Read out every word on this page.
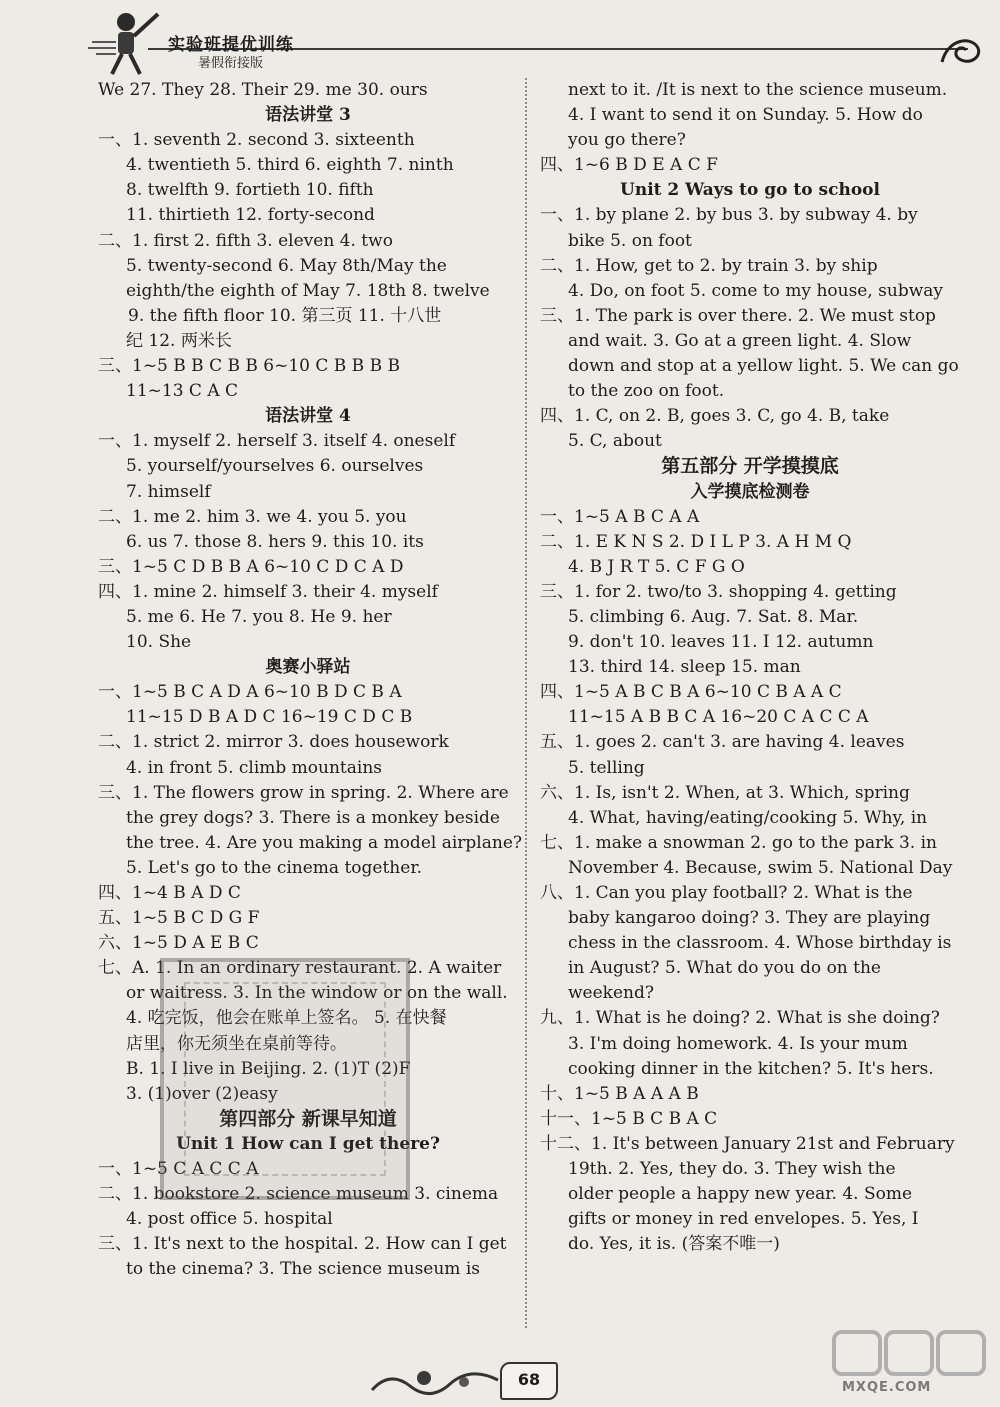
实验班提优训练
暑假衔接版
We 27. They 28. Their 29. me 30. ours
语法讲堂 3
一、1. seventh 2. second 3. sixteenth
4. twentieth 5. third 6. eighth 7. ninth
8. twelfth 9. fortieth 10. fifth
11. thirtieth 12. forty-second
二、1. first 2. fifth 3. eleven 4. two
5. twenty-second 6. May 8th/May the
eighth/the eighth of May 7. 18th 8. twelve
9. the fifth floor 10. 第三页 11. 十八世
纪 12. 两米长
三、1~5 B B C B B 6~10 C B B B B
11~13 C A C
语法讲堂 4
一、1. myself 2. herself 3. itself 4. oneself
5. yourself/yourselves 6. ourselves
7. himself
二、1. me 2. him 3. we 4. you 5. you
6. us 7. those 8. hers 9. this 10. its
三、1~5 C D B B A 6~10 C D C A D
四、1. mine 2. himself 3. their 4. myself
5. me 6. He 7. you 8. He 9. her
10. She
奥赛小驿站
一、1~5 B C A D A 6~10 B D C B A
11~15 D B A D C 16~19 C D C B
二、1. strict 2. mirror 3. does housework
4. in front 5. climb mountains
三、1. The flowers grow in spring. 2. Where are
the grey dogs? 3. There is a monkey beside
the tree. 4. Are you making a model airplane?
5. Let's go to the cinema together.
四、1~4 B A D C
五、1~5 B C D G F
六、1~5 D A E B C
七、A. 1. In an ordinary restaurant. 2. A waiter
or waitress. 3. In the window or on the wall.
4. 吃完饭，他会在账单上签名。 5. 在快餐
店里，你无须坐在桌前等待。
B. 1. I live in Beijing. 2. (1)T (2)F
3. (1)over (2)easy
第四部分 新课早知道
Unit 1 How can I get there?
一、1~5 C A C C A
二、1. bookstore 2. science museum 3. cinema
4. post office 5. hospital
三、1. It's next to the hospital. 2. How can I get
to the cinema? 3. The science museum is
next to it. /It is next to the science museum.
4. I want to send it on Sunday. 5. How do
you go there?
四、1~6 B D E A C F
Unit 2 Ways to go to school
一、1. by plane 2. by bus 3. by subway 4. by
bike 5. on foot
二、1. How, get to 2. by train 3. by ship
4. Do, on foot 5. come to my house, subway
三、1. The park is over there. 2. We must stop
and wait. 3. Go at a green light. 4. Slow
down and stop at a yellow light. 5. We can go
to the zoo on foot.
四、1. C, on 2. B, goes 3. C, go 4. B, take
5. C, about
第五部分 开学摸摸底
入学摸底检测卷
一、1~5 A B C A A
二、1. E K N S 2. D I L P 3. A H M Q
4. B J R T 5. C F G O
三、1. for 2. two/to 3. shopping 4. getting
5. climbing 6. Aug. 7. Sat. 8. Mar.
9. don't 10. leaves 11. I 12. autumn
13. third 14. sleep 15. man
四、1~5 A B C B A 6~10 C B A A C
11~15 A B B C A 16~20 C A C C A
五、1. goes 2. can't 3. are having 4. leaves
5. telling
六、1. Is, isn't 2. When, at 3. Which, spring
4. What, having/eating/cooking 5. Why, in
七、1. make a snowman 2. go to the park 3. in
November 4. Because, swim 5. National Day
八、1. Can you play football? 2. What is the
baby kangaroo doing? 3. They are playing
chess in the classroom. 4. Whose birthday is
in August? 5. What do you do on the
weekend?
九、1. What is he doing? 2. What is she doing?
3. I'm doing homework. 4. Is your mum
cooking dinner in the kitchen? 5. It's hers.
十、1~5 B A A A B
十一、1~5 B C B A C
十二、1. It's between January 21st and February
19th. 2. Yes, they do. 3. They wish the
older people a happy new year. 4. Some
gifts or money in red envelopes. 5. Yes, I
do. Yes, it is. (答案不唯一)
68	MXQE.COM
